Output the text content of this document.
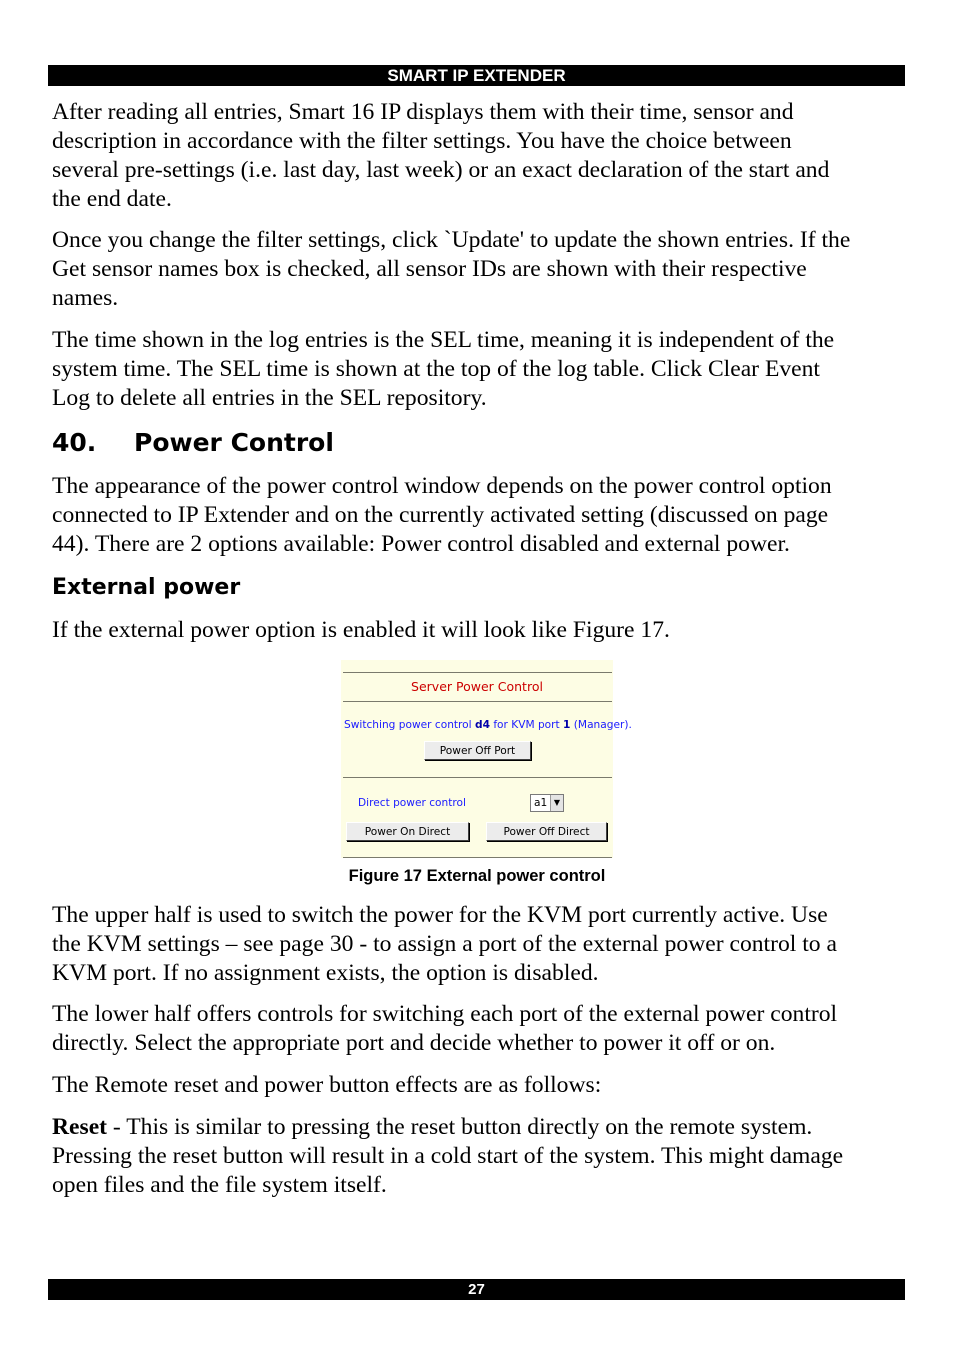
SMART IP EXTENDER

After reading all entries, Smart 16 IP displays them with their time, sensor and
description in accordance with the filter settings. You have the choice between
several pre-settings (i.e. last day, last week) or an exact declaration of the start and
the end date.

Once you change the filter settings, click `Update' to update the shown entries. If the
Get sensor names box is checked, all sensor IDs are shown with their respective
names.

The time shown in the log entries is the SEL time, meaning it is independent of the
system time. The SEL time is shown at the top of the log table. Click Clear Event
Log to delete all entries in the SEL repository.

40. Power Control

The appearance of the power control window depends on the power control option
connected to IP Extender and on the currently activated setting (discussed on page
44). There are 2 options available: Power control disabled and external power.

External power

If the external power option is enabled it will look like Figure 17.

Server Power Control
Switching power control d4 for KVM port 1 (Manager).
Power Off Port
Direct power control	a1 ▼
Power On Direct	Power Off Direct
Figure 17 External power control

The upper half is used to switch the power for the KVM port currently active. Use
the KVM settings – see page 30 - to assign a port of the external power control to a
KVM port. If no assignment exists, the option is disabled.

The lower half offers controls for switching each port of the external power control
directly. Select the appropriate port and decide whether to power it off or on.

The Remote reset and power button effects are as follows:

Reset - This is similar to pressing the reset button directly on the remote system.
Pressing the reset button will result in a cold start of the system. This might damage
open files and the file system itself.

27
